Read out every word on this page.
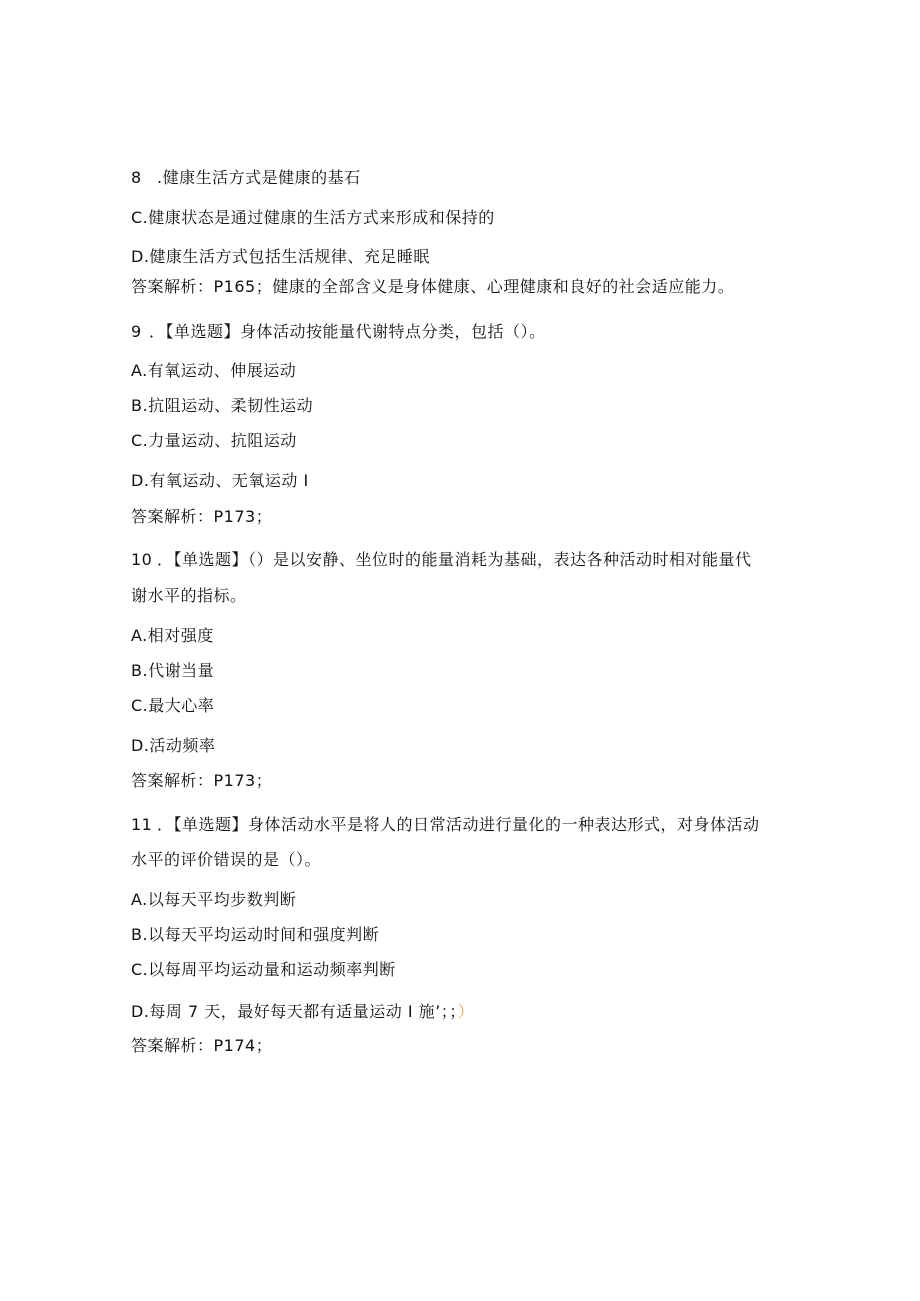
8 .健康生活方式是健康的基石
C.健康状态是通过健康的生活方式来形成和保持的
D.健康生活方式包括生活规律、充足睡眠
答案解析：P165；健康的全部含义是身体健康、心理健康和良好的社会适应能力。
9 ．【单选题】身体活动按能量代谢特点分类，包括（）。
A.有氧运动、伸展运动
B.抗阻运动、柔韧性运动
C.力量运动、抗阻运动
D.有氧运动、无氧运动 I
答案解析：P173；
10 ．【单选题】（）是以安静、坐位时的能量消耗为基础，表达各种活动时相对能量代
谢水平的指标。
A.相对强度
B.代谢当量
C.最大心率
D.活动频率
答案解析：P173；
11 ．【单选题】身体活动水平是将人的日常活动进行量化的一种表达形式，对身体活动
水平的评价错误的是（）。
A.以每天平均步数判断
B.以每天平均运动时间和强度判断
C.以每周平均运动量和运动频率判断
D.每周 7 天，最好每天都有适量运动 I 施’；；）
答案解析：P174；
